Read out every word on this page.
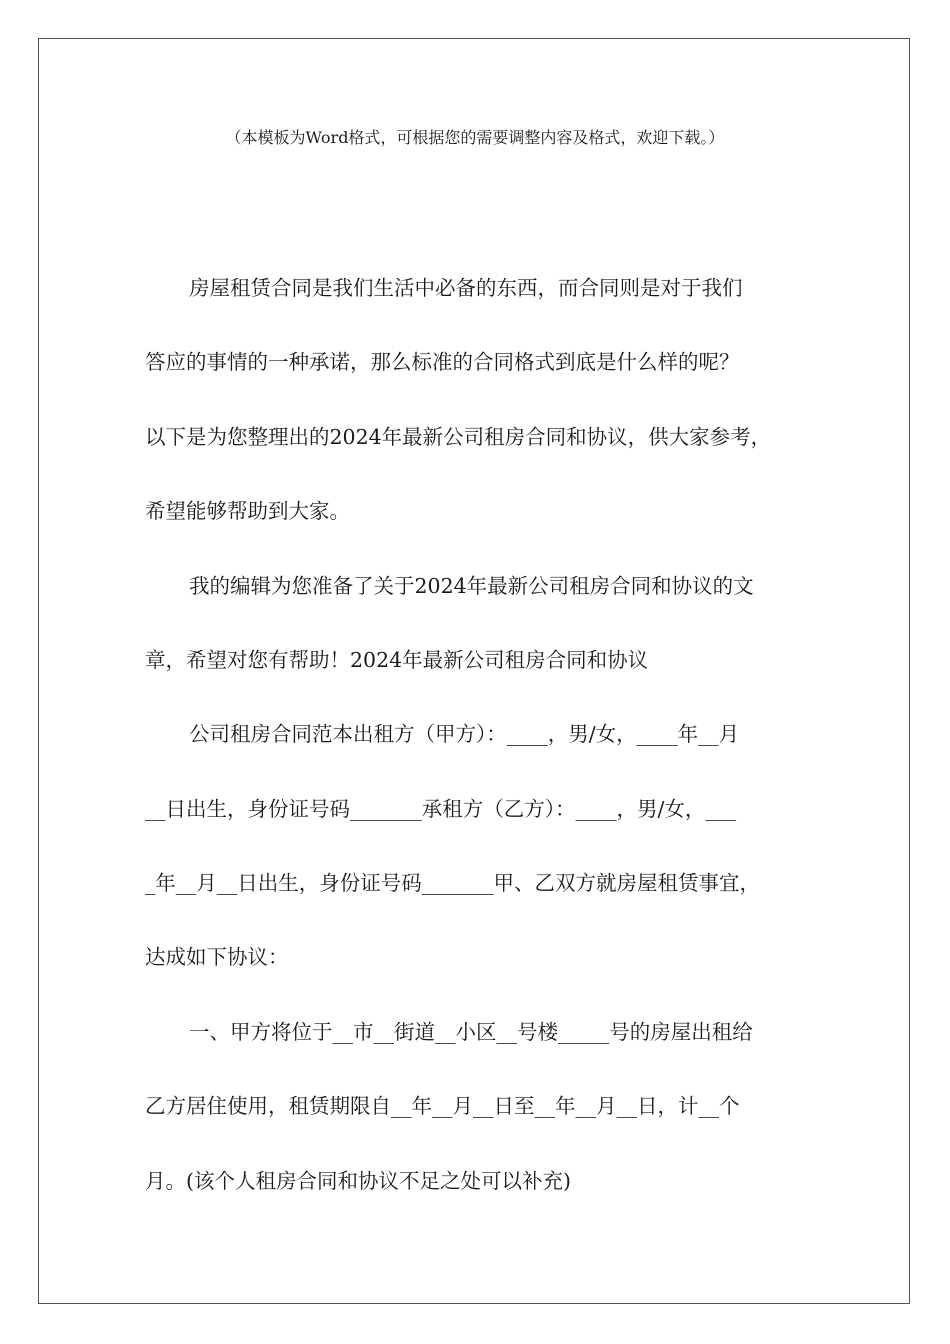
（本模板为Word格式，可根据您的需要调整内容及格式，欢迎下载。）

房屋租赁合同是我们生活中必备的东西，而合同则是对于我们
答应的事情的一种承诺，那么标准的合同格式到底是什么样的呢？
以下是为您整理出的2024年最新公司租房合同和协议，供大家参考，
希望能够帮助到大家。
我的编辑为您准备了关于2024年最新公司租房合同和协议的文
章，希望对您有帮助！2024年最新公司租房合同和协议
公司租房合同范本出租方（甲方）：____，男/女，____年__月
__日出生，身份证号码_______承租方（乙方）：____，男/女，___
_年__月__日出生，身份证号码_______甲、乙双方就房屋租赁事宜，
达成如下协议：
一、甲方将位于__市__街道__小区__号楼_____号的房屋出租给
乙方居住使用，租赁期限自__年__月__日至__年__月__日，计__个
月。(该个人租房合同和协议不足之处可以补充)
